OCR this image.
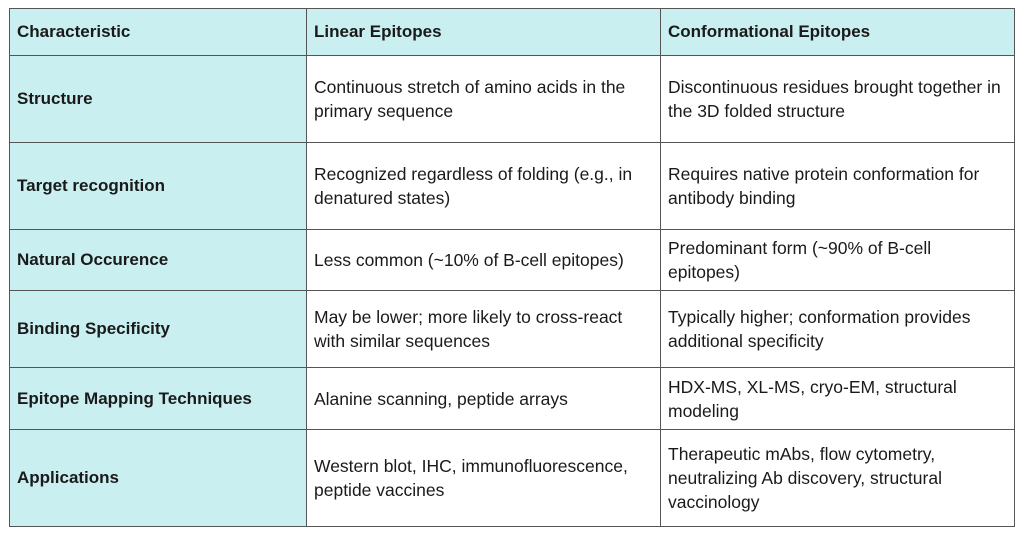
Characteristic	Linear Epitopes	Conformational Epitopes
Structure	Continuous stretch of amino acids in the primary sequence	Discontinuous residues brought together in the 3D folded structure
Target recognition	Recognized regardless of folding (e.g., in denatured states)	Requires native protein conformation for antibody binding
Natural Occurence	Less common (~10% of B-cell epitopes)	Predominant form (~90% of B-cell epitopes)
Binding Specificity	May be lower; more likely to cross-react with similar sequences	Typically higher; conformation provides additional specificity
Epitope Mapping Techniques	Alanine scanning, peptide arrays	HDX-MS, XL-MS, cryo-EM, structural modeling
Applications	Western blot, IHC, immunofluorescence, peptide vaccines	Therapeutic mAbs, flow cytometry, neutralizing Ab discovery, structural vaccinology
